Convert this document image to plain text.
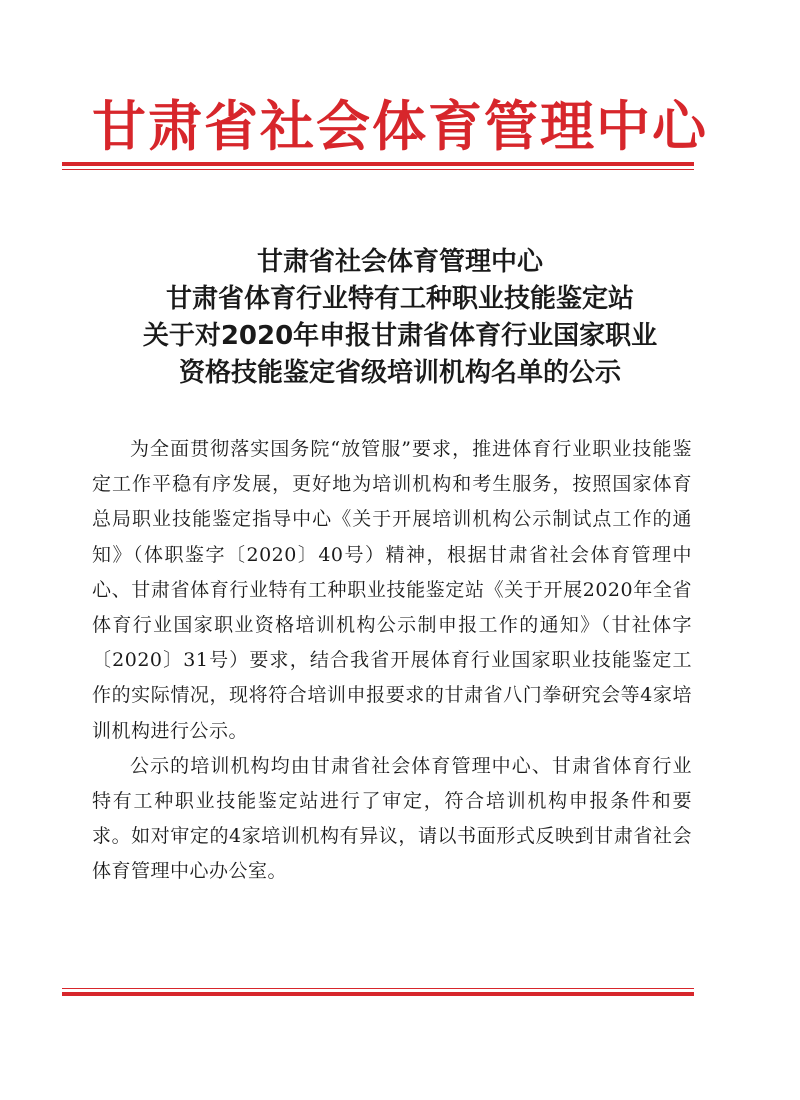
甘肃省社会体育管理中心
甘肃省社会体育管理中心
甘肃省体育行业特有工种职业技能鉴定站
关于对2020年申报甘肃省体育行业国家职业
资格技能鉴定省级培训机构名单的公示

为全面贯彻落实国务院“放管服”要求，推进体育行业职业技能鉴定工作平稳有序发展，更好地为培训机构和考生服务，按照国家体育总局职业技能鉴定指导中心《关于开展培训机构公示制试点工作的通知》（体职鉴字〔2020〕40号）精神，根据甘肃省社会体育管理中心、甘肃省体育行业特有工种职业技能鉴定站《关于开展2020年全省体育行业国家职业资格培训机构公示制申报工作的通知》（甘社体字〔2020〕31号）要求，结合我省开展体育行业国家职业技能鉴定工作的实际情况，现将符合培训申报要求的甘肃省八门拳研究会等4家培训机构进行公示。

公示的培训机构均由甘肃省社会体育管理中心、甘肃省体育行业特有工种职业技能鉴定站进行了审定，符合培训机构申报条件和要求。如对审定的4家培训机构有异议，请以书面形式反映到甘肃省社会体育管理中心办公室。
